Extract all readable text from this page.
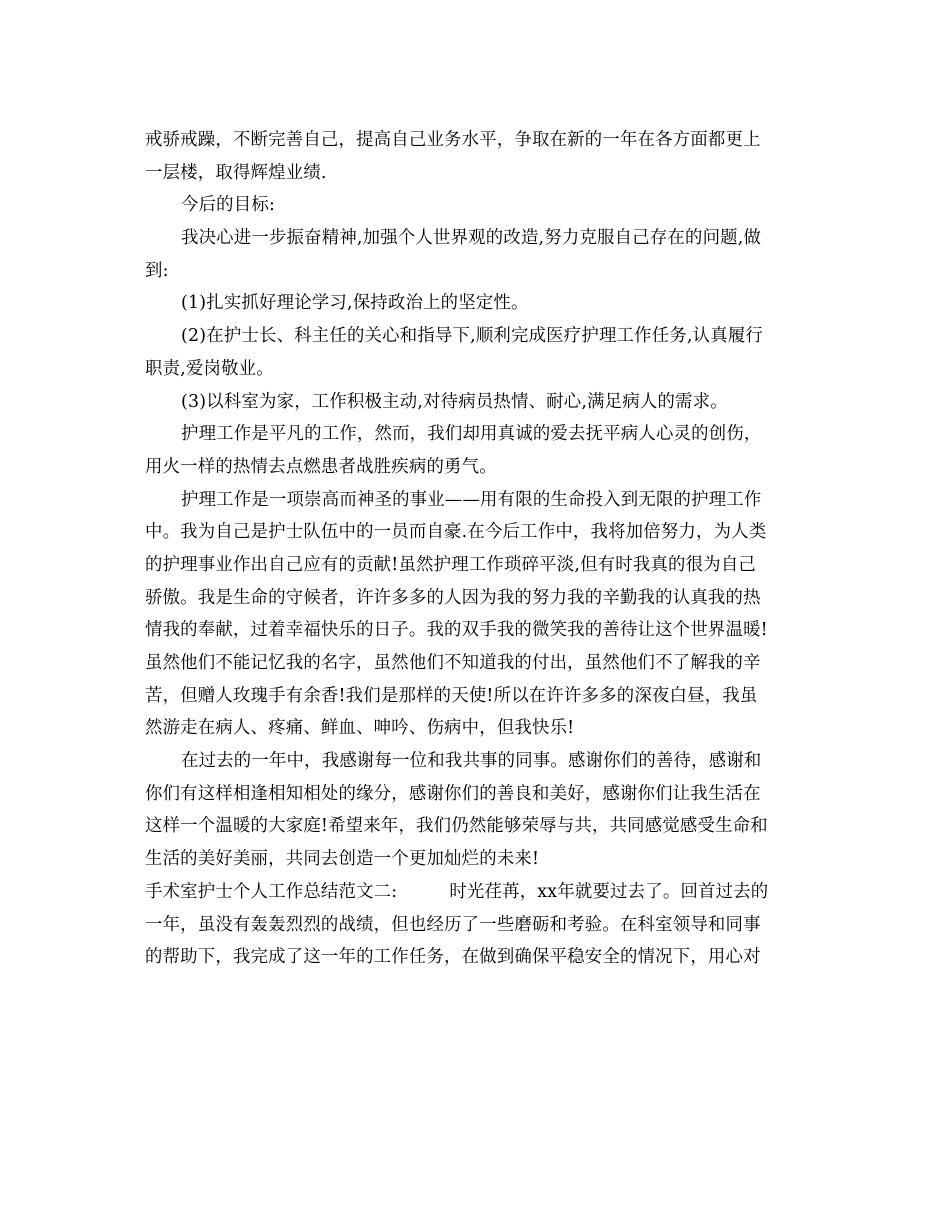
戒骄戒躁，不断完善自己，提高自己业务水平，争取在新的一年在各方面都更上
一层楼，取得辉煌业绩.
今后的目标:
我决心进一步振奋精神,加强个人世界观的改造,努力克服自己存在的问题,做
到:
(1)扎实抓好理论学习,保持政治上的坚定性。
(2)在护士长、科主任的关心和指导下,顺利完成医疗护理工作任务,认真履行
职责,爱岗敬业。
(3)以科室为家，工作积极主动,对待病员热情、耐心,满足病人的需求。
护理工作是平凡的工作，然而，我们却用真诚的爱去抚平病人心灵的创伤，
用火一样的热情去点燃患者战胜疾病的勇气。
护理工作是一项崇高而神圣的事业——用有限的生命投入到无限的护理工作
中。我为自己是护士队伍中的一员而自豪.在今后工作中，我将加倍努力，为人类
的护理事业作出自己应有的贡献!虽然护理工作琐碎平淡,但有时我真的很为自己
骄傲。我是生命的守候者，许许多多的人因为我的努力我的辛勤我的认真我的热
情我的奉献，过着幸福快乐的日子。我的双手我的微笑我的善待让这个世界温暖!
虽然他们不能记忆我的名字，虽然他们不知道我的付出，虽然他们不了解我的辛
苦，但赠人玫瑰手有余香!我们是那样的天使!所以在许许多多的深夜白昼，我虽
然游走在病人、疼痛、鲜血、呻吟、伤病中，但我快乐!
在过去的一年中，我感谢每一位和我共事的同事。感谢你们的善待，感谢和
你们有这样相逢相知相处的缘分，感谢你们的善良和美好，感谢你们让我生活在
这样一个温暖的大家庭!希望来年，我们仍然能够荣辱与共，共同感觉感受生命和
生活的美好美丽，共同去创造一个更加灿烂的未来!
手术室护士个人工作总结范文二:	时光荏苒，xx年就要过去了。回首过去的
一年，虽没有轰轰烈烈的战绩，但也经历了一些磨砺和考验。在科室领导和同事
的帮助下，我完成了这一年的工作任务，在做到确保平稳安全的情况下，用心对
